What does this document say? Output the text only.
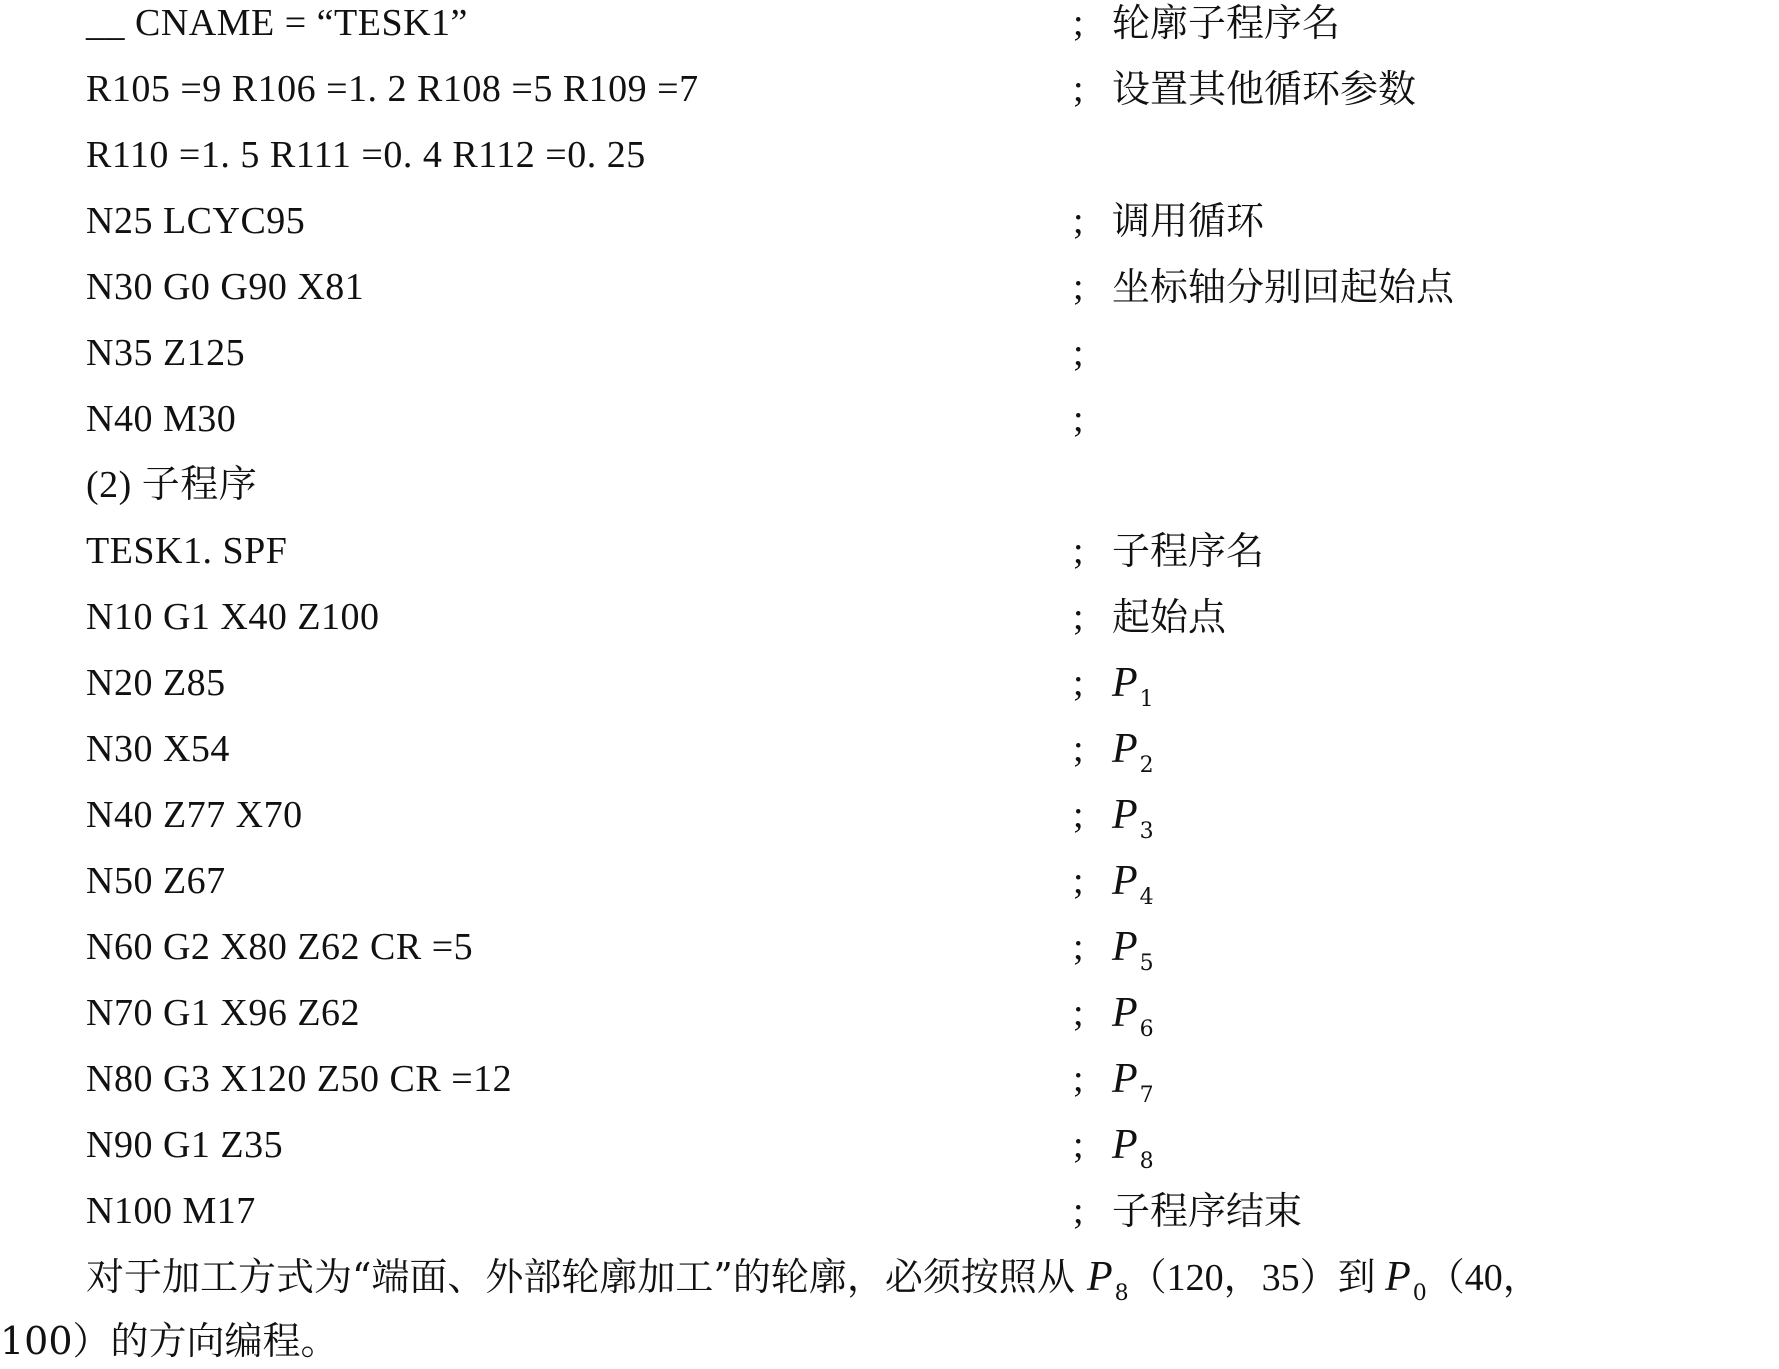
__ CNAME = “TESK1”	; 轮廓子程序名
R105 =9 R106 =1. 2 R108 =5 R109 =7	; 设置其他循环参数
R110 =1. 5 R111 =0. 4 R112 =0. 25
N25 LCYC95	; 调用循环
N30 G0 G90 X81	; 坐标轴分别回起始点
N35 Z125	;
N40 M30	;
(2) 子程序
TESK1. SPF	; 子程序名
N10 G1 X40 Z100	; 起始点
N20 Z85	; $P_1$
N30 X54	; $P_2$
N40 Z77 X70	; $P_3$
N50 Z67	; $P_4$
N60 G2 X80 Z62 CR =5	; $P_5$
N70 G1 X96 Z62	; $P_6$
N80 G3 X120 Z50 CR =12	; $P_7$
N90 G1 Z35	; $P_8$
N100 M17	; 子程序结束
对于加工方式为“端面、外部轮廓加工”的轮廓，必须按照从 $P_8(120$，35）到 $P_0(40$，
100）的方向编程。
